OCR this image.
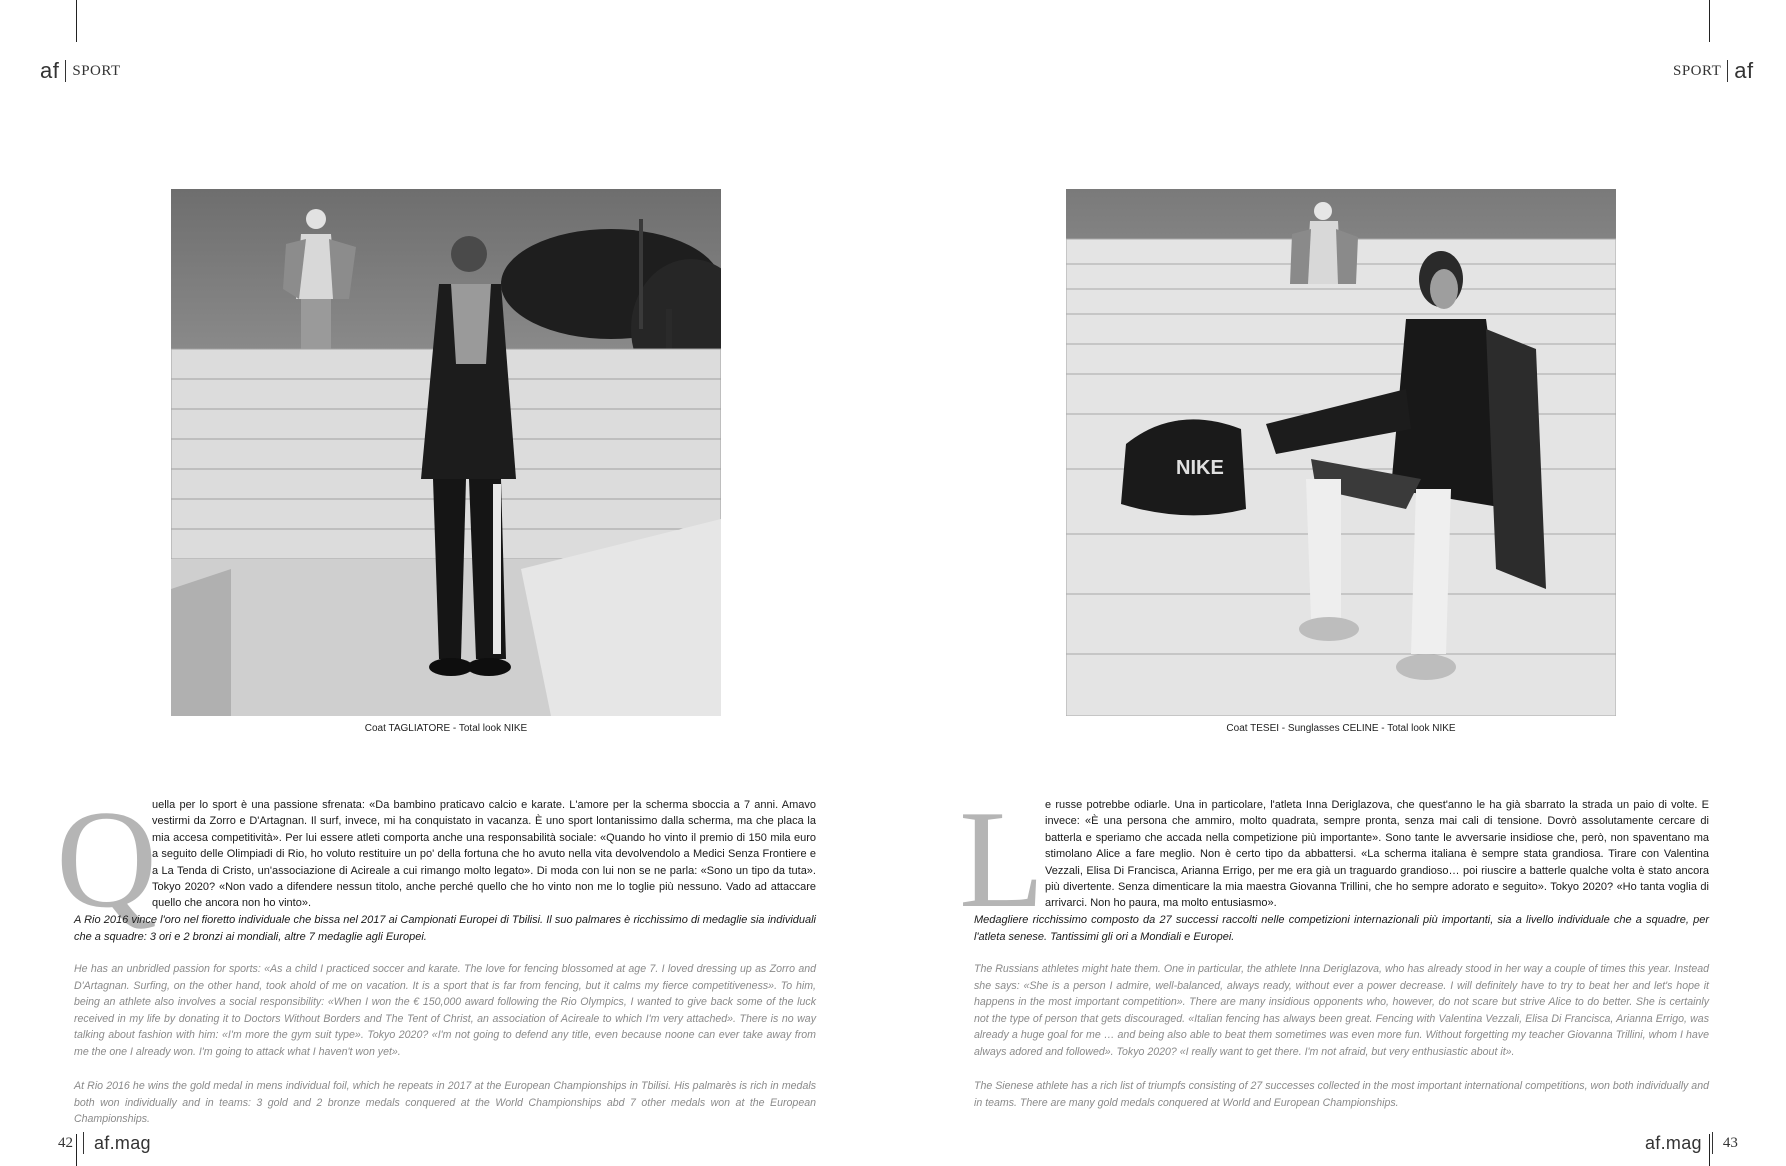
af SPORT
Coat TAGLIATORE - Total look NIKE
Q
uella per lo sport è una passione sfrenata: «Da bambino praticavo calcio e karate. L'amore per la scherma sboccia a 7 anni. Amavo vestirmi da Zorro e D'Artagnan. Il surf, invece, mi ha conquistato in vacanza. È uno sport lontanissimo dalla scherma, ma che placa la mia accesa competitività». Per lui essere atleti comporta anche una responsabilità sociale: «Quando ho vinto il premio di 150 mila euro a seguito delle Olimpiadi di Rio, ho voluto restituire un po' della fortuna che ho avuto nella vita devolvendolo a Medici Senza Frontiere e a La Tenda di Cristo, un'associazione di Acireale a cui rimango molto legato». Di moda con lui non se ne parla: «Sono un tipo da tuta». Tokyo 2020? «Non vado a difendere nessun titolo, anche perché quello che ho vinto non me lo toglie più nessuno. Vado ad attaccare quello che ancora non ho vinto».
A Rio 2016 vince l'oro nel fioretto individuale che bissa nel 2017 ai Campionati Europei di Tbilisi. Il suo palmares è ricchissimo di medaglie sia individuali che a squadre: 3 ori e 2 bronzi ai mondiali, altre 7 medaglie agli Europei.
He has an unbridled passion for sports: «As a child I practiced soccer and karate. The love for fencing blossomed at age 7. I loved dressing up as Zorro and D'Artagnan. Surfing, on the other hand, took ahold of me on vacation. It is a sport that is far from fencing, but it calms my fierce competitiveness». To him, being an athlete also involves a social responsibility: «When I won the € 150,000 award following the Rio Olympics, I wanted to give back some of the luck received in my life by donating it to Doctors Without Borders and The Tent of Christ, an association of Acireale to which I'm very attached». There is no way talking about fashion with him: «I'm more the gym suit type». Tokyo 2020? «I'm not going to defend any title, even because noone can ever take away from me the one I already won. I'm going to attack what I haven't won yet».
At Rio 2016 he wins the gold medal in mens individual foil, which he repeats in 2017 at the European Championships in Tbilisi. His palmarès is rich in medals both won individually and in teams: 3 gold and 2 bronze medals conquered at the World Championships abd 7 other medals won at the European Championships.
42 af.mag
SPORT af
NIKE
Coat TESEI - Sunglasses CELINE - Total look NIKE
L e russe potrebbe odiarle. Una in particolare, l'atleta Inna Deriglazova, che quest'anno le ha già sbarrato la strada un paio di volte. E invece: «È una persona che ammiro, molto quadrata, sempre pronta, senza mai cali di tensione. Dovrò assolutamente cercare di batterla e speriamo che accada nella competizione più importante». Sono tante le avversarie insidiose che, però, non spaventano ma stimolano Alice a fare meglio. Non è certo tipo da abbattersi. «La scherma italiana è sempre stata grandiosa. Tirare con Valentina Vezzali, Elisa Di Francisca, Arianna Errigo, per me era già un traguardo grandioso… poi riuscire a batterle qualche volta è stato ancora più divertente. Senza dimenticare la mia maestra Giovanna Trillini, che ho sempre adorato e seguito». Tokyo 2020? «Ho tanta voglia di arrivarci. Non ho paura, ma molto entusiasmo».
Medagliere ricchissimo composto da 27 successi raccolti nelle competizioni internazionali più importanti, sia a livello individuale che a squadre, per l'atleta senese. Tantissimi gli ori a Mondiali e Europei.
The Russians athletes might hate them. One in particular, the athlete Inna Deriglazova, who has already stood in her way a couple of times this year. Instead she says: «She is a person I admire, well-balanced, always ready, without ever a power decrease. I will definitely have to try to beat her and let's hope it happens in the most important competition». There are many insidious opponents who, however, do not scare but strive Alice to do better. She is certainly not the type of person that gets discouraged. «Italian fencing has always been great. Fencing with Valentina Vezzali, Elisa Di Francisca, Arianna Errigo, was already a huge goal for me … and being also able to beat them sometimes was even more fun. Without forgetting my teacher Giovanna Trillini, whom I have always adored and followed». Tokyo 2020? «I really want to get there. I'm not afraid, but very enthusiastic about it».
The Sienese athlete has a rich list of triumpfs consisting of 27 successes collected in the most important international competitions, won both individually and in teams. There are many gold medals conquered at World and European Championships.
af.mag 43
